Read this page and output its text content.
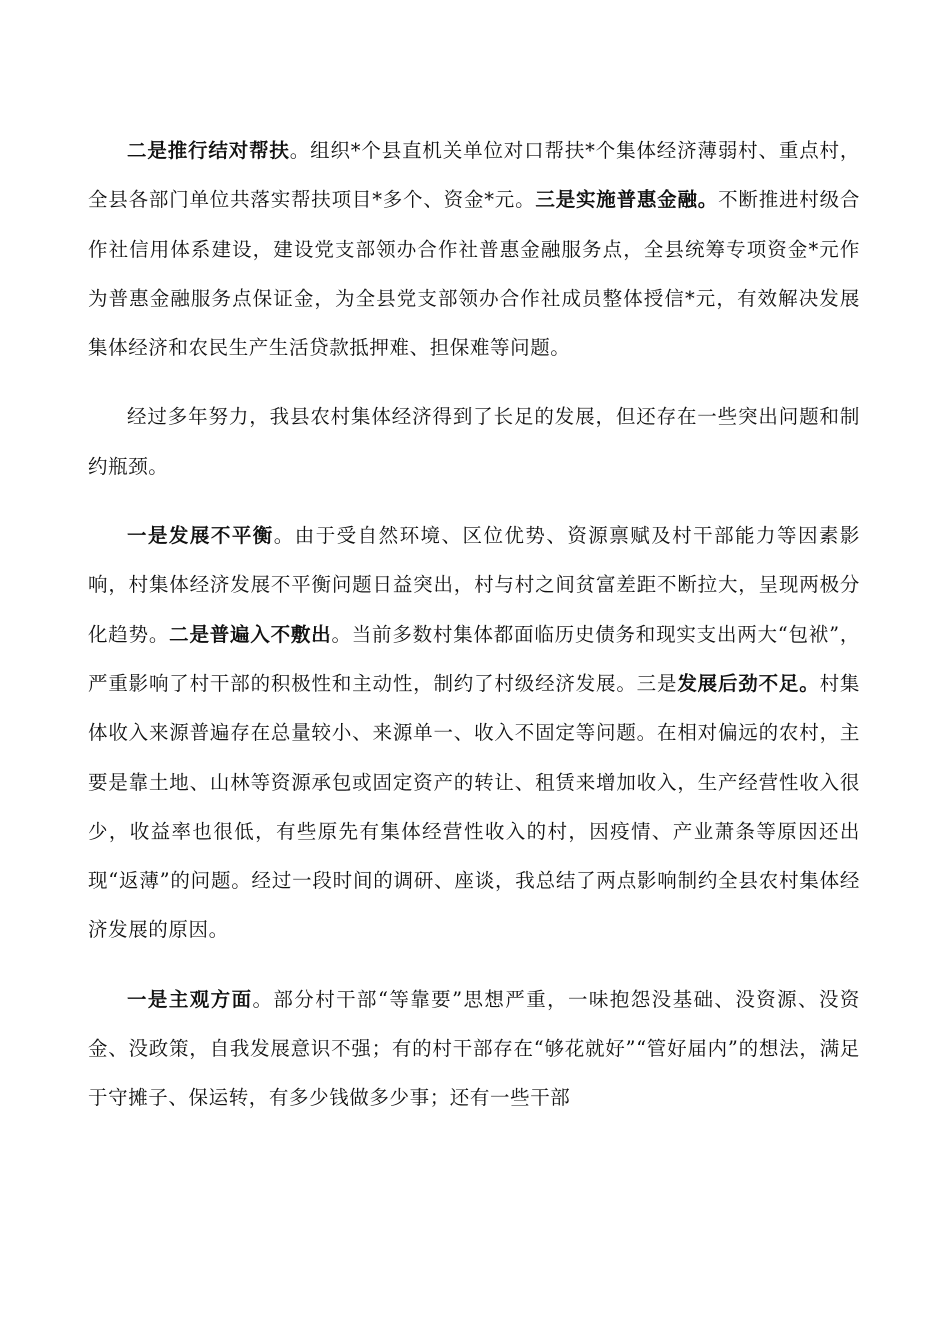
二是推行结对帮扶。组织*个县直机关单位对口帮扶*个集体经济薄弱村、重点村，全县各部门单位共落实帮扶项目*多个、资金*元。三是实施普惠金融。不断推进村级合作社信用体系建设，建设党支部领办合作社普惠金融服务点，全县统筹专项资金*元作为普惠金融服务点保证金，为全县党支部领办合作社成员整体授信*元，有效解决发展集体经济和农民生产生活贷款抵押难、担保难等问题。

经过多年努力，我县农村集体经济得到了长足的发展，但还存在一些突出问题和制约瓶颈。

一是发展不平衡。由于受自然环境、区位优势、资源禀赋及村干部能力等因素影响，村集体经济发展不平衡问题日益突出，村与村之间贫富差距不断拉大，呈现两极分化趋势。二是普遍入不敷出。当前多数村集体都面临历史债务和现实支出两大“包袱”，严重影响了村干部的积极性和主动性，制约了村级经济发展。三是发展后劲不足。村集体收入来源普遍存在总量较小、来源单一、收入不固定等问题。在相对偏远的农村，主要是靠土地、山林等资源承包或固定资产的转让、租赁来增加收入，生产经营性收入很少，收益率也很低，有些原先有集体经营性收入的村，因疫情、产业萧条等原因还出现“返薄”的问题。经过一段时间的调研、座谈，我总结了两点影响制约全县农村集体经济发展的原因。

一是主观方面。部分村干部“等靠要”思想严重，一味抱怨没基础、没资源、没资金、没政策，自我发展意识不强；有的村干部存在“够花就好”“管好届内”的想法，满足于守摊子、保运转，有多少钱做多少事；还有一些干部
